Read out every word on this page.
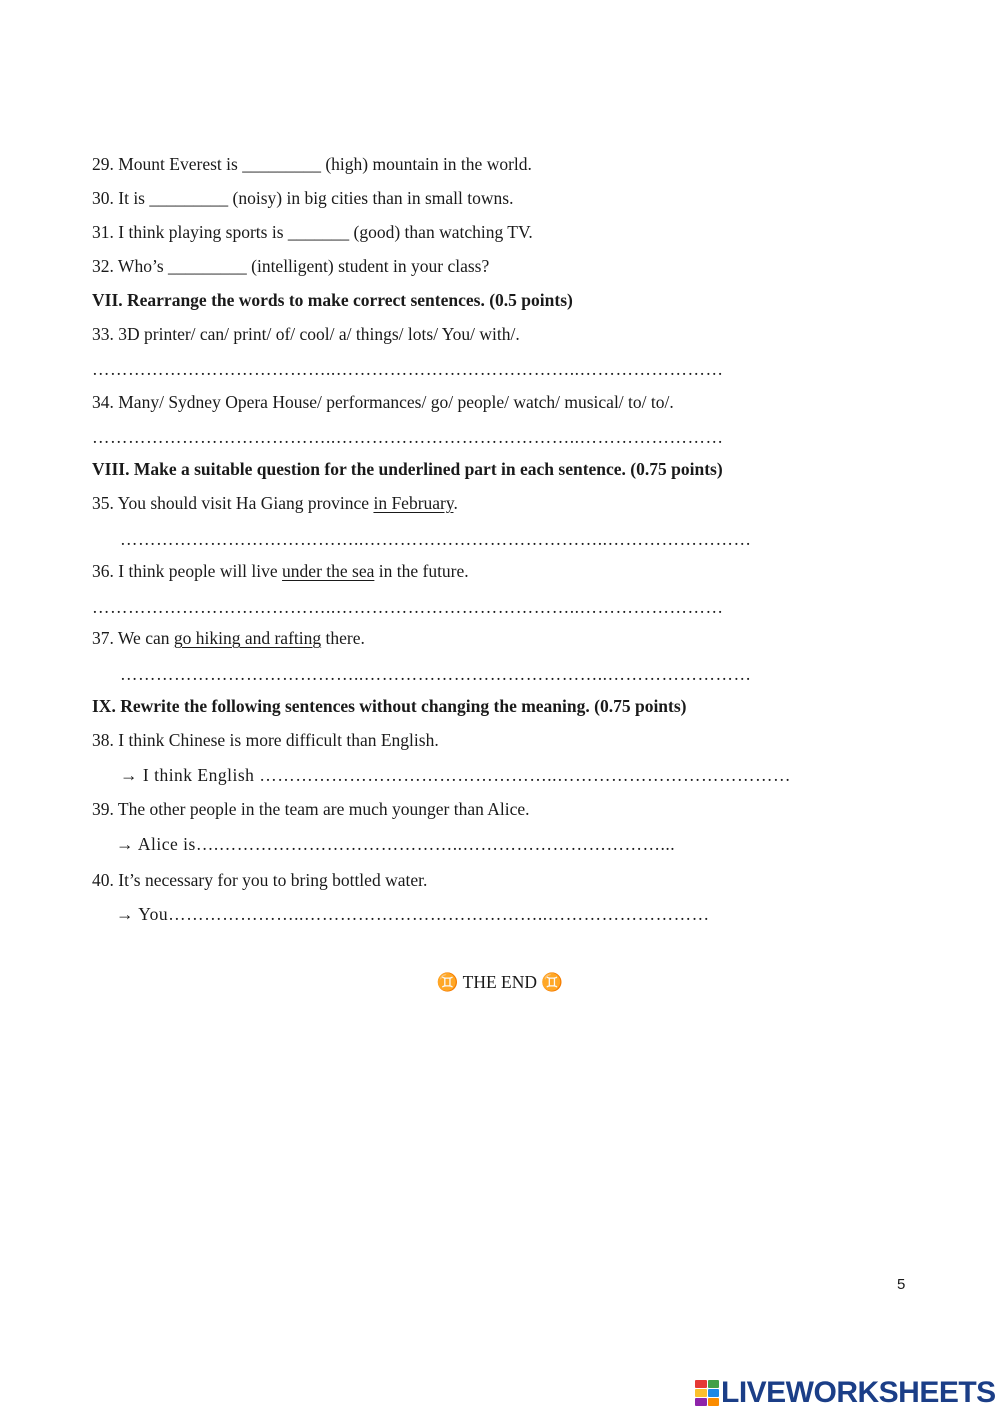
29. Mount Everest is _________ (high) mountain in the world.
30. It is _________ (noisy) in big cities than in small towns.
31. I think playing sports is _______ (good) than watching TV.
32. Who’s _________ (intelligent) student in your class?
VII. Rearrange the words to make correct sentences. (0.5 points)
33. 3D printer/ can/ print/ of/ cool/ a/ things/ lots/ You/ with/.
…………………………………..…………………………………..……………………
34. Many/ Sydney Opera House/ performances/ go/ people/ watch/ musical/ to/ to/.
…………………………………..…………………………………..……………………
VIII. Make a suitable question for the underlined part in each sentence. (0.75 points)
35. You should visit Ha Giang province in February.
…………………………………..…………………………………..……………………
36. I think people will live under the sea in the future.
…………………………………..…………………………………..……………………
37. We can go hiking and rafting there.
…………………………………..…………………………………..……………………
IX. Rewrite the following sentences without changing the meaning. (0.75 points)
38. I think Chinese is more difficult than English.
→ I think English …………………………………………..…………………………………
39. The other people in the team are much younger than Alice.
→ Alice is….…………………………………..……………………………...
40. It’s necessary for you to bring bottled water.
→ You…………………..…………………………………..………………………
♊ THE END ♊
5
LIVEWORKSHEETS
